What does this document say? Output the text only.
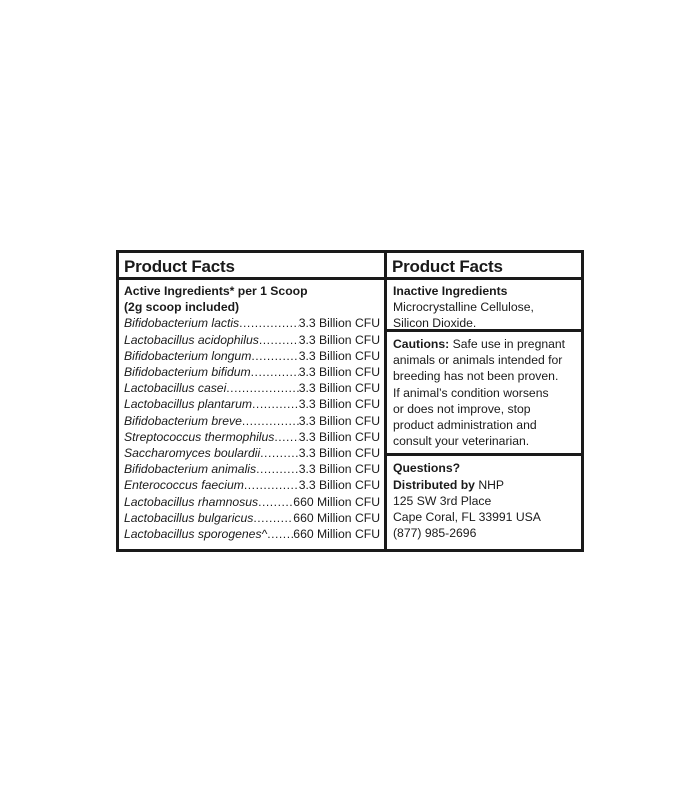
Product Facts
Active Ingredients* per 1 Scoop
(2g scoop included)
Bifidobacterium lactis .....	3.3 Billion CFU
Lactobacillus acidophilus .....	3.3 Billion CFU
Bifidobacterium longum .....	3.3 Billion CFU
Bifidobacterium bifidum .....	3.3 Billion CFU
Lactobacillus casei .....	3.3 Billion CFU
Lactobacillus plantarum .....	3.3 Billion CFU
Bifidobacterium breve .....	3.3 Billion CFU
Streptococcus thermophilus ..... 3.3 Billion CFU
Saccharomyces boulardii .....	3.3 Billion CFU
Bifidobacterium animalis .....	3.3 Billion CFU
Enterococcus faecium .....	3.3 Billion CFU
Lactobacillus rhamnosus .....	660 Million CFU
Lactobacillus bulgaricus .....	660 Million CFU
Lactobacillus sporogenes^ ..... 660 Million CFU
Product Facts
Inactive Ingredients
Microcrystalline Cellulose,
Silicon Dioxide.
Cautions: Safe use in pregnant
animals or animals intended for
breeding has not been proven.
If animal’s condition worsens
or does not improve, stop
product administration and
consult your veterinarian.
Questions?
Distributed by NHP
125 SW 3rd Place
Cape Coral, FL 33991 USA
(877) 985-2696
